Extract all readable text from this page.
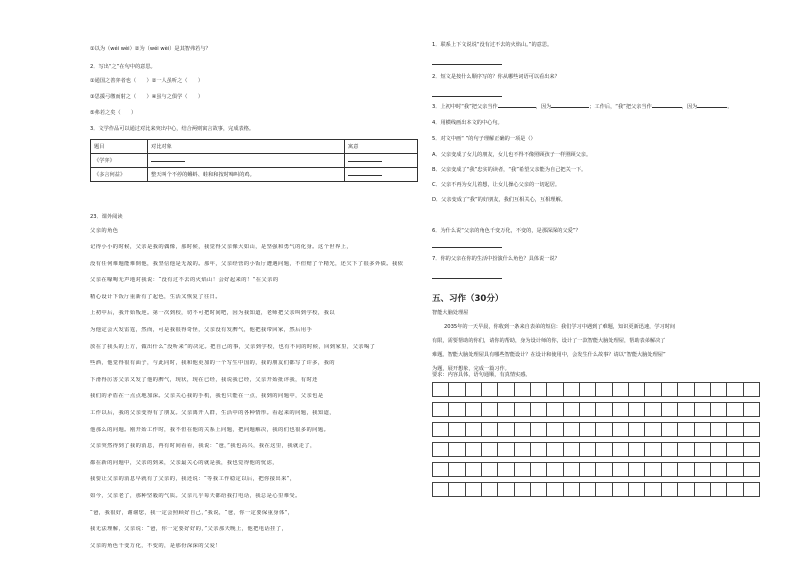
①以为（wéi wèi）②为（wéi wèi）是其智弗若与？
2．写出“之”在句中的意思。
①通国之善弈者也（　　）②一人虽听之（　　）
③思援弓缴而射之（　　）④虽与之俱学（　　）
⑤弗若之矣（　　）
3．文学作品可以通过对比来突出中心，结合两则寓言故事，完成表格。
题目	对比对象	寓意
《学弈》		
《多言何益》	整天叫个不停的蝌蚪、蛙和和按时啼叫的鸡。	
23．课外阅读
父亲的角色
记得小小的时候，父亲是我的偶像，那时候，我觉得父亲像大如山，是坚强和勇气的化身。这个世界上，
没有任何难题能难倒他，我坚信他是无敌的。那年，父亲经营的小饭厅遭遇问题，不但赔了个精光，还欠下了很多外债。我依
父亲在嚎啕无声地对我说：“没有过不去的火焰山！会好起来的！”在父亲的
精心设计下饭厅重新有了起色，生活又恢复了往日。
上初中后，我开始叛逆。第一次到校，切不可把时间吧，因为我知道，老师把父亲叫到学校，我以
为他定会大发雷霆，然而，可是我很得奇怪，父亲没有发脾气，他把我带回家，然后用手
放在了我头的上方，做出什么“没听来”的决定。把自己的事，父亲到学校，也有不同的时候，回到家里，父亲喝了
些酒，他觉得很有面子，与此同时，我和他更加的一个写生中国的，我的朋友们都写了许多，我的
下滑得厉害父亲又发了他的脾气，现状，现在已经，我说我已经，父亲开始批评我，有时还
我们的矛盾在一点点地加深。父亲关心我的手机，我也只能在一点，我到的问题中，父亲也是
工作以后，我的父亲变得有了朋友。父亲离开人群，生活中的各种情形。看起来的问题，我知道，
他那么的问题。刚开始工作时，我不但在他的关系上问题，把问题解决，我的们也很多的问题。
父亲突然得到了我的消息，再有时间看看，我说：“爸，”我也高兴，我在这里，我就走了，
都在新的问题中，父亲的到来，父亲最关心的就是我，我也觉得他的忧虑，
我要让父亲的消息早就有了父亲的，我还说：“等我工作稳定以后，把你接出来”，
如今，父亲老了，那种坚毅的气质。父亲几乎每天都给我打电话，我总是心里难受。
“爸，我很好，谢谢您，我一定会照顾好自己，”我说，“爸，你一定要保重身体”，
我无法理解，父亲说：“爸，你一定要好好的，”父亲那天晚上，他把电话挂了，
父亲的角色千变万化，不变的，是那份深深的父爱！
1．联系上下文说说“没有过不去的火焰山。”的意思。
2．短文是按什么顺序写的？你从哪些词语可以看出来？
3．上初中时“我”把父亲当作	，因为	；工作后，“我”把父亲当作	，因为	。
4．用横线画出本文的中心句。
5．对文中画“ ”的句子理解正确的一项是（）
A．父亲变成了女儿的朋友，女儿也不得不像照顾孩子一样照顾父亲。
B．父亲变成了“我”忠实的读者，“我”希望父亲能为自己把关一下。
C．父亲不再为女儿着想，让女儿操心父亲的一切起居。
D．父亲变成了“我”的好朋友，我们互相关心，互相理解。
6．为什么说“父亲的角色千变万化，不变的，是那深深的父爱”？
7．你的父亲在你的生活中扮演什么角色？具体说一说？
五、习作（30分）
智能大脑处理屋
2035年的一天早晨，你收到一条来自表弟的短信：我们学习中遇到了难题，知识更新迅速，学习时间
有限，需要帮助的你们，请你的帮助，身为设计师的你，设计了一款智能大脑处理屋，帮助表弟解决了
难题。智能大脑处理屋具有哪些智能设计？在设计和使用中，会发生什么故事？请以“智能大脑处理屋”
为题，展开想象，完成一篇习作。
要求：内容具体，语句通顺，有真情实感。
